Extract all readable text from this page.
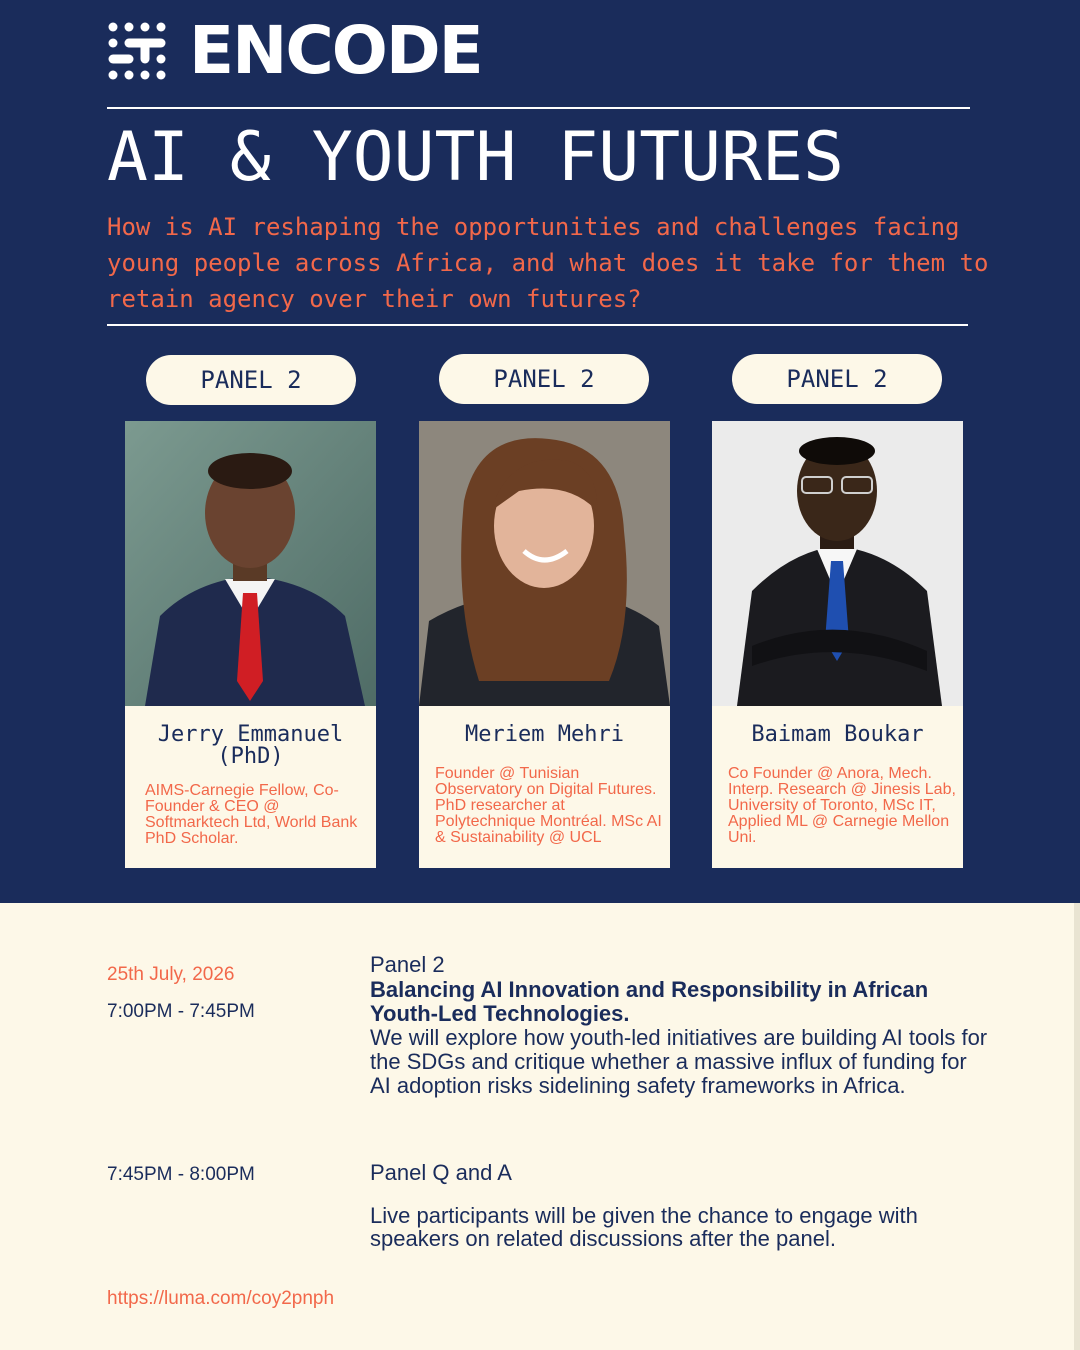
ENCODE
AI & YOUTH FUTURES
How is AI reshaping the opportunities and challenges facing young people across Africa, and what does it take for them to retain agency over their own futures?
PANEL 2	PANEL 2	PANEL 2
Jerry Emmanuel (PhD)
AIMS-Carnegie Fellow, Co-Founder & CEO @ Softmarktech Ltd, World Bank PhD Scholar.
Meriem Mehri
Founder @ Tunisian Observatory on Digital Futures. PhD researcher at Polytechnique Montréal. MSc AI & Sustainability @ UCL
Baimam Boukar
Co Founder @ Anora, Mech. Interp. Research @ Jinesis Lab, University of Toronto, MSc IT, Applied ML @ Carnegie Mellon Uni.
25th July, 2026
7:00PM - 7:45PM
Panel 2
Balancing AI Innovation and Responsibility in African Youth-Led Technologies.
We will explore how youth-led initiatives are building AI tools for the SDGs and critique whether a massive influx of funding for AI adoption risks sidelining safety frameworks in Africa.
7:45PM - 8:00PM	Panel Q and A
Live participants will be given the chance to engage with speakers on related discussions after the panel.
https://luma.com/coy2pnph
